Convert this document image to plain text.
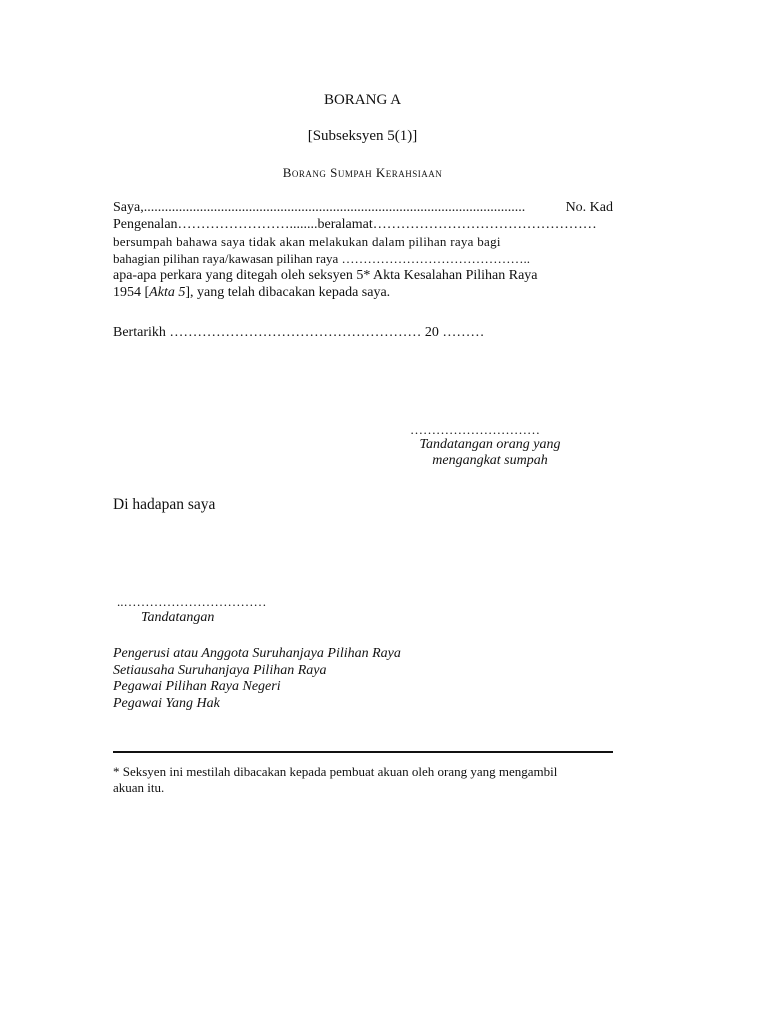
BORANG A
[Subseksyen 5(1)]
Borang Sumpah Kerahsiaan
Saya,.............................................................................................................	No. Kad
Pengenalan……………………........beralamat…………………………………………
bersumpah bahawa saya tidak akan melakukan dalam pilihan raya bagi
bahagian pilihan raya/kawasan pilihan raya ……………………………………..
apa-apa perkara yang ditegah oleh seksyen 5* Akta Kesalahan Pilihan Raya
1954 [Akta 5], yang telah dibacakan kepada saya.
Bertarikh ……………………………………………… 20 ………
…………………………
Tandatangan orang yang
mengangkat sumpah
Di hadapan saya
..……………………………
Tandatangan
Pengerusi atau Anggota Suruhanjaya Pilihan Raya
Setiausaha Suruhanjaya Pilihan Raya
Pegawai Pilihan Raya Negeri
Pegawai Yang Hak
* Seksyen ini mestilah dibacakan kepada pembuat akuan oleh orang yang mengambil
akuan itu.
